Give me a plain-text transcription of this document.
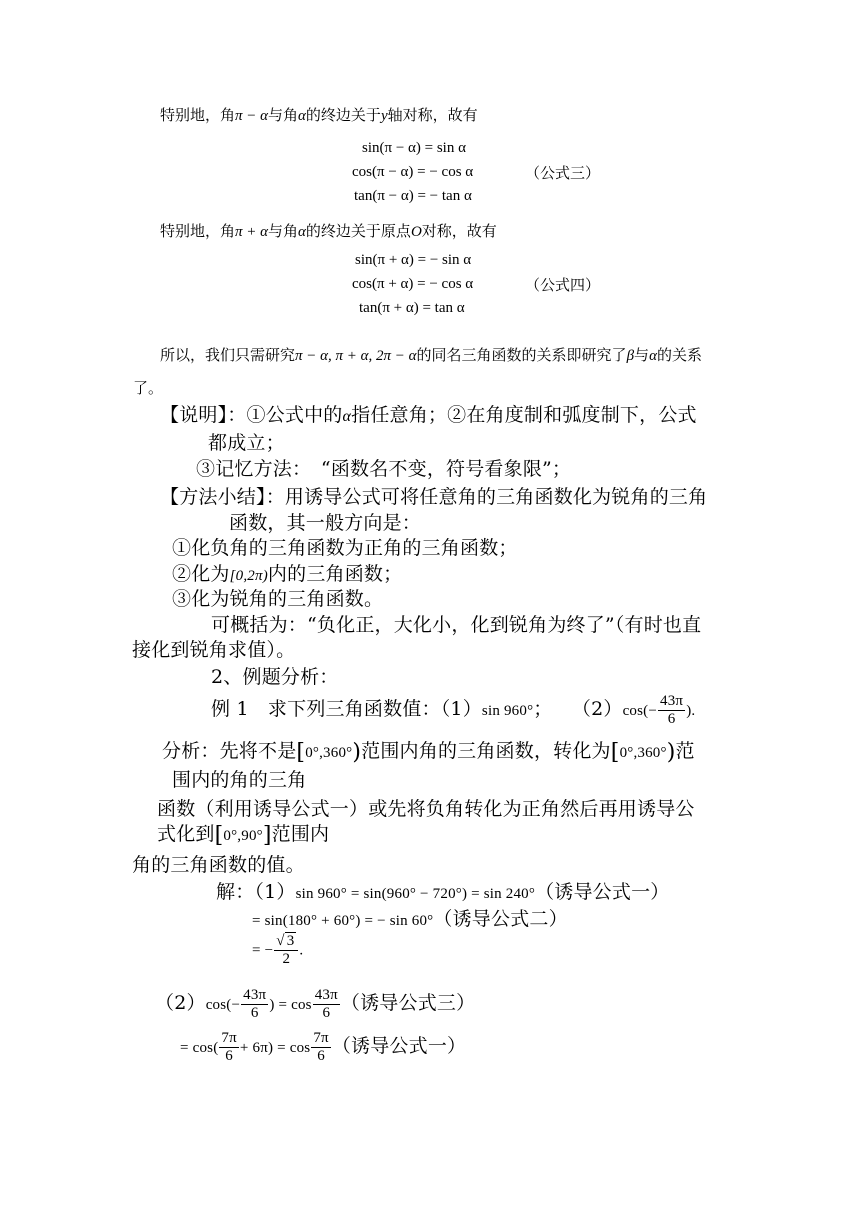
特别地，角π − α与角α的终边关于y轴对称，故有
sin(π − α) = sin α
cos(π − α) = − cos α
tan(π − α) = − tan α
（公式三）
特别地，角π + α与角α的终边关于原点O对称，故有
sin(π + α) = − sin α
cos(π + α) = − cos α
tan(π + α) = tan α
（公式四）
所以，我们只需研究π − α, π + α, 2π − α的同名三角函数的关系即研究了β与α的关系
了。
【说明】：①公式中的α指任意角；②在角度制和弧度制下，公式
都成立；
③记忆方法：　“函数名不变，符号看象限”；
【方法小结】：用诱导公式可将任意角的三角函数化为锐角的三角
函数，其一般方向是：
①化负角的三角函数为正角的三角函数；
②化为[0,2π)内的三角函数；
③化为锐角的三角函数。
可概括为：“负化正，大化小，化到锐角为终了”（有时也直
接化到锐角求值）。
2、例题分析：
例 1　求下列三角函数值：（1）sin 960°；　　$(2)\cos(- \frac{43\pi}{6}$ ).
分析：先将不是[0°,360°)范围内角的三角函数，转化为[0°,360°)范
围内的角的三角
函数（利用诱导公式一）或先将负角转化为正角然后再用诱导公
式化到[0°,90°]范围内
角的三角函数的值。
解：（1）sin 960° = sin(960° − 720°) = sin 240°（诱导公式一）
= sin(180° + 60°) = − sin 60°（诱导公式二）
= − $\frac{√ 3}{2}$ .
$(2)\cos(- \frac{43\pi}{6}$ ) = $\cos \frac{43\pi}{6}$ （诱导公式三）
= $\cos( \frac{7\pi}{6} + 6\pi) = \cos \frac{7\pi}{6}$ （诱导公式一）
